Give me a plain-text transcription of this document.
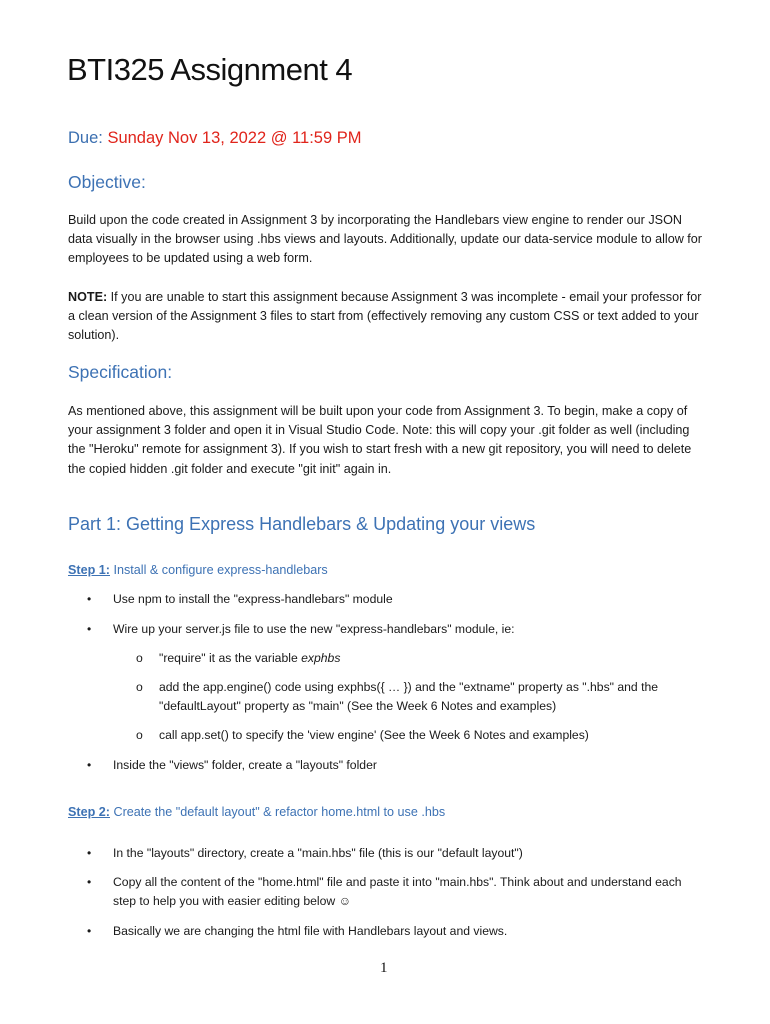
BTI325 Assignment 4
Due: Sunday Nov 13, 2022 @ 11:59 PM
Objective:

Build upon the code created in Assignment 3 by incorporating the Handlebars view engine to render our JSON data visually in the browser using .hbs views and layouts. Additionally, update our data-service module to allow for employees to be updated using a web form.

NOTE: If you are unable to start this assignment because Assignment 3 was incomplete - email your professor for a clean version of the Assignment 3 files to start from (effectively removing any custom CSS or text added to your solution).

Specification:

As mentioned above, this assignment will be built upon your code from Assignment 3. To begin, make a copy of your assignment 3 folder and open it in Visual Studio Code. Note: this will copy your .git folder as well (including the "Heroku" remote for assignment 3). If you wish to start fresh with a new git repository, you will need to delete the copied hidden .git folder and execute "git init" again in.

Part 1: Getting Express Handlebars & Updating your views
Step 1: Install & configure express-handlebars
•	Use npm to install the "express-handlebars" module
•	Wire up your server.js file to use the new "express-handlebars" module, ie:
o "require" it as the variable exphbs
o add the app.engine() code using exphbs({ … }) and the "extname" property as ".hbs" and the "defaultLayout" property as "main" (See the Week 6 Notes and examples)
o call app.set() to specify the 'view engine' (See the Week 6 Notes and examples)
•	Inside the "views" folder, create a "layouts" folder
Step 2: Create the "default layout" & refactor home.html to use .hbs
•	In the "layouts" directory, create a "main.hbs" file (this is our "default layout")
•	Copy all the content of the "home.html" file and paste it into "main.hbs". Think about and understand each step to help you with easier editing below ☺
•	Basically we are changing the html file with Handlebars layout and views.
1
